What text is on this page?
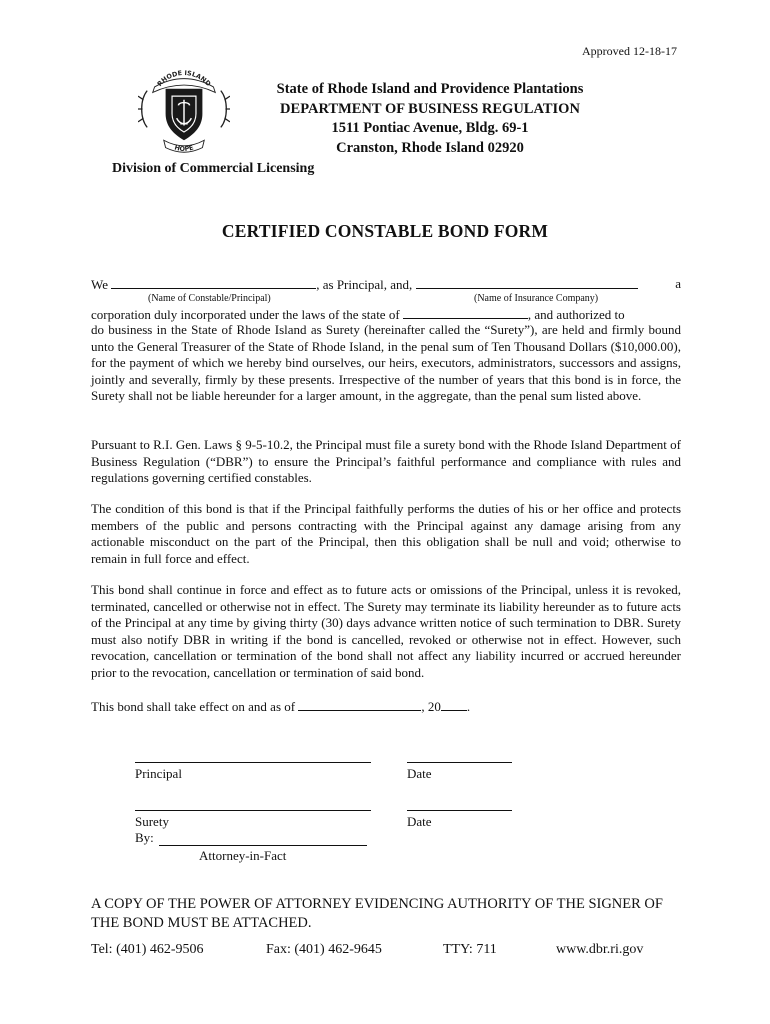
Approved 12-18-17
RHODE ISLAND
HOPE
State of Rhode Island and Providence Plantations
DEPARTMENT OF BUSINESS REGULATION
1511 Pontiac Avenue, Bldg. 69-1
Cranston, Rhode Island 02920
Division of Commercial Licensing
CERTIFIED CONSTABLE BOND FORM
We	, as Principal, and,	a
(Name of Constable/Principal)	(Name of Insurance Company)
corporation duly incorporated under the laws of the state of	, and authorized to
do business in the State of Rhode Island as Surety (hereinafter called the “Surety”), are held and firmly bound unto the General Treasurer of the State of Rhode Island, in the penal sum of Ten Thousand Dollars ($10,000.00), for the payment of which we hereby bind ourselves, our heirs, executors, administrators, successors and assigns, jointly and severally, firmly by these presents. Irrespective of the number of years that this bond is in force, the Surety shall not be liable hereunder for a larger amount, in the aggregate, than the penal sum listed above.
Pursuant to R.I. Gen. Laws § 9-5-10.2, the Principal must file a surety bond with the Rhode Island Department of Business Regulation (“DBR”) to ensure the Principal’s faithful performance and compliance with rules and regulations governing certified constables.
The condition of this bond is that if the Principal faithfully performs the duties of his or her office and protects members of the public and persons contracting with the Principal against any damage arising from any actionable misconduct on the part of the Principal, then this obligation shall be null and void; otherwise to remain in full force and effect.
This bond shall continue in force and effect as to future acts or omissions of the Principal, unless it is revoked, terminated, cancelled or otherwise not in effect. The Surety may terminate its liability hereunder as to future acts of the Principal at any time by giving thirty (30) days advance written notice of such termination to DBR. Surety must also notify DBR in writing if the bond is cancelled, revoked or otherwise not in effect. However, such revocation, cancellation or termination of the bond shall not affect any liability incurred or accrued hereunder prior to the revocation, cancellation or termination of said bond.
This bond shall take effect on and as of	, 20 .
Principal	Date
Surety	Date
By:
Attorney-in-Fact
A COPY OF THE POWER OF ATTORNEY EVIDENCING AUTHORITY OF THE SIGNER OF THE BOND MUST BE ATTACHED.
Tel: (401) 462-9506	Fax: (401) 462-9645	TTY: 711	www.dbr.ri.gov
